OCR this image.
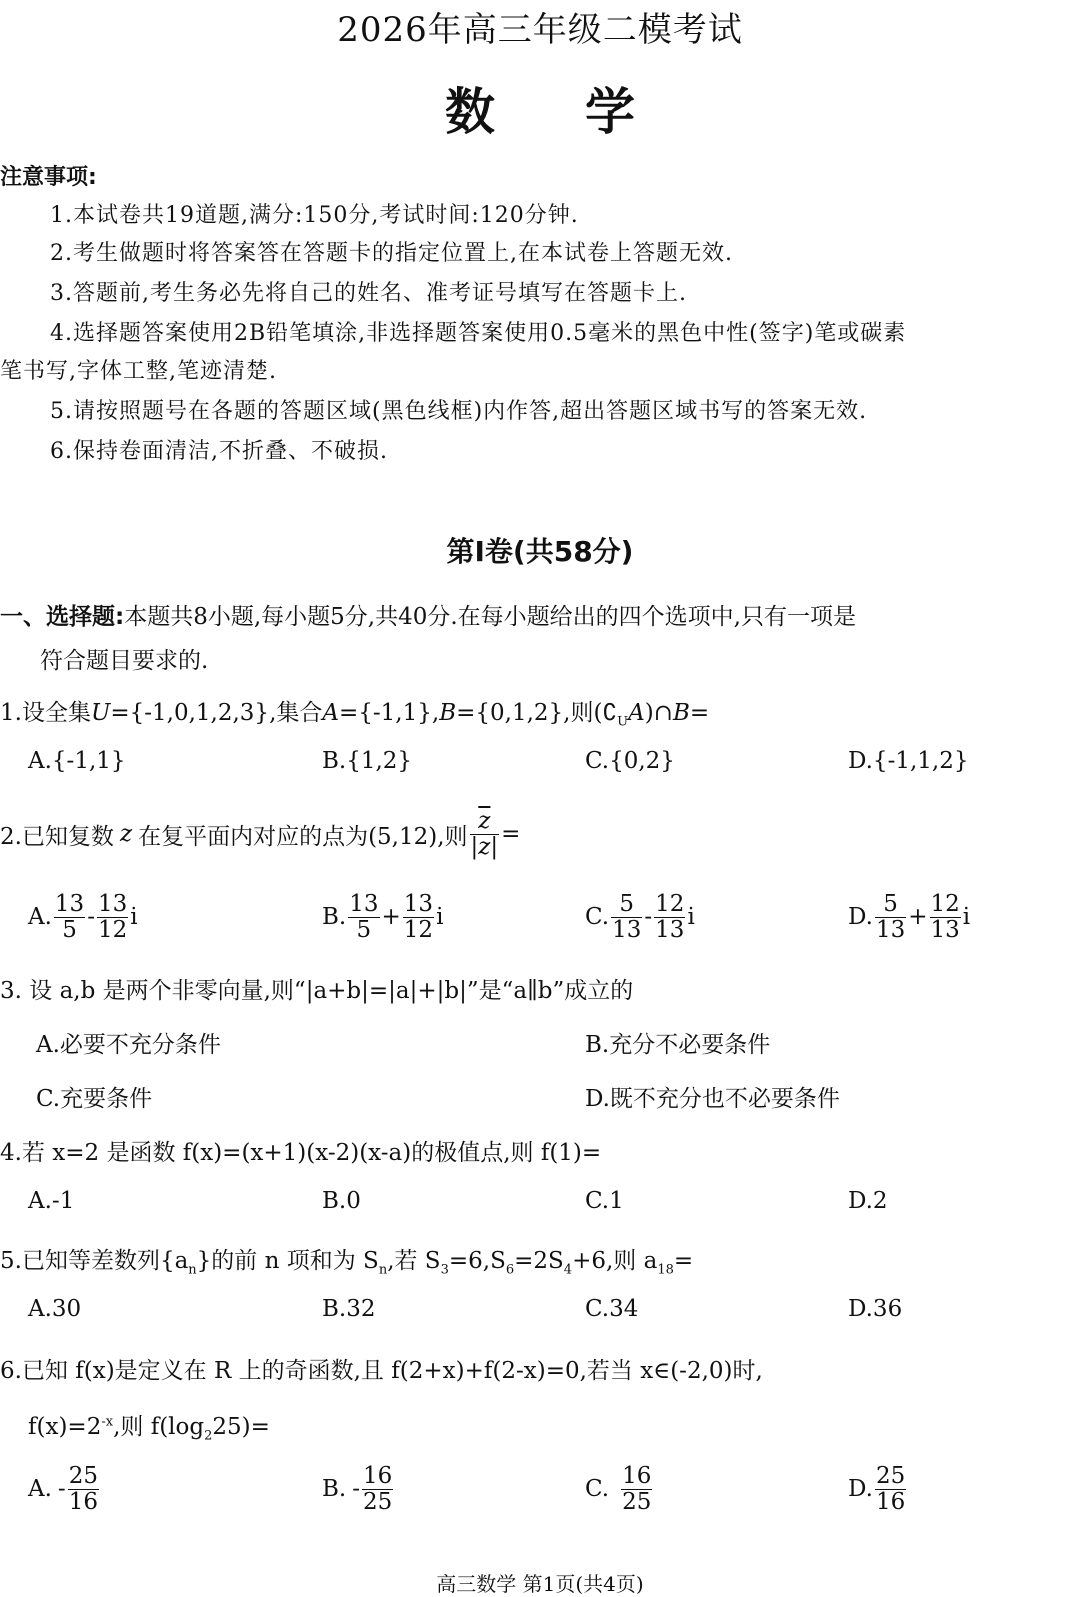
2026年高三年级二模考试
数学
注意事项:
1.本试卷共19道题,满分:150分,考试时间:120分钟.
2.考生做题时将答案答在答题卡的指定位置上,在本试卷上答题无效.
3.答题前,考生务必先将自己的姓名、准考证号填写在答题卡上.
4.选择题答案使用2B铅笔填涂,非选择题答案使用0.5毫米的黑色中性(签字)笔或碳素
笔书写,字体工整,笔迹清楚.
5.请按照题号在各题的答题区域(黑色线框)内作答,超出答题区域书写的答案无效.
6.保持卷面清洁,不折叠、不破损.
第Ⅰ卷(共58分)
一、选择题:本题共8小题,每小题5分,共40分.在每小题给出的四个选项中,只有一项是
符合题目要求的.
1.设全集U={-1,0,1,2,3},集合A={-1,1},B={0,1,2},则$(∁_UA)\cap B=$
A.{-1,1}	B.{1,2}	C.{0,2}	D.{-1,1,2}
2.已知复数 z 在复平面内对应的点为(5,12),则 $\frac{\overline{z}}{|z|}$ =
A. $\frac{13}{5} - \frac{13}{12}$ i	B. $\frac{13}{5} + \frac{13}{12}$ i	C. $\frac{5}{13} - \frac{12}{13}$ i	D. $\frac{5}{13} + \frac{12}{13}$ i
3. 设 a,b 是两个非零向量,则“|a+b|=|a|+|b|”是“a∥b”成立的
A.必要不充分条件	B.充分不必要条件
C.充要条件	D.既不充分也不必要条件
4.若 x=2 是函数 f(x)=(x+1)(x-2)(x-a)的极值点,则 f(1)=
A.-1	B.0	C.1	D.2
5.已知等差数列$\{a_n\}$的前 n 项和为 $S_n$,若 $S_3=6,S_6=2S_4+6$,则 $a_{18}=$
A.30	B.32	C.34	D.36
6.已知 f(x)是定义在 R 上的奇函数,且 f(2+x)+f(2-x)=0,若当 x∈(-2,0)时,
$f(x)=2^{-x}$,则 $f(\log_225)=$
A. - $\frac{25}{16}$	B. - $\frac{16}{25}$	C. $\frac{16}{25}$	D. $\frac{25}{16}$
高三数学 第1页(共4页)
